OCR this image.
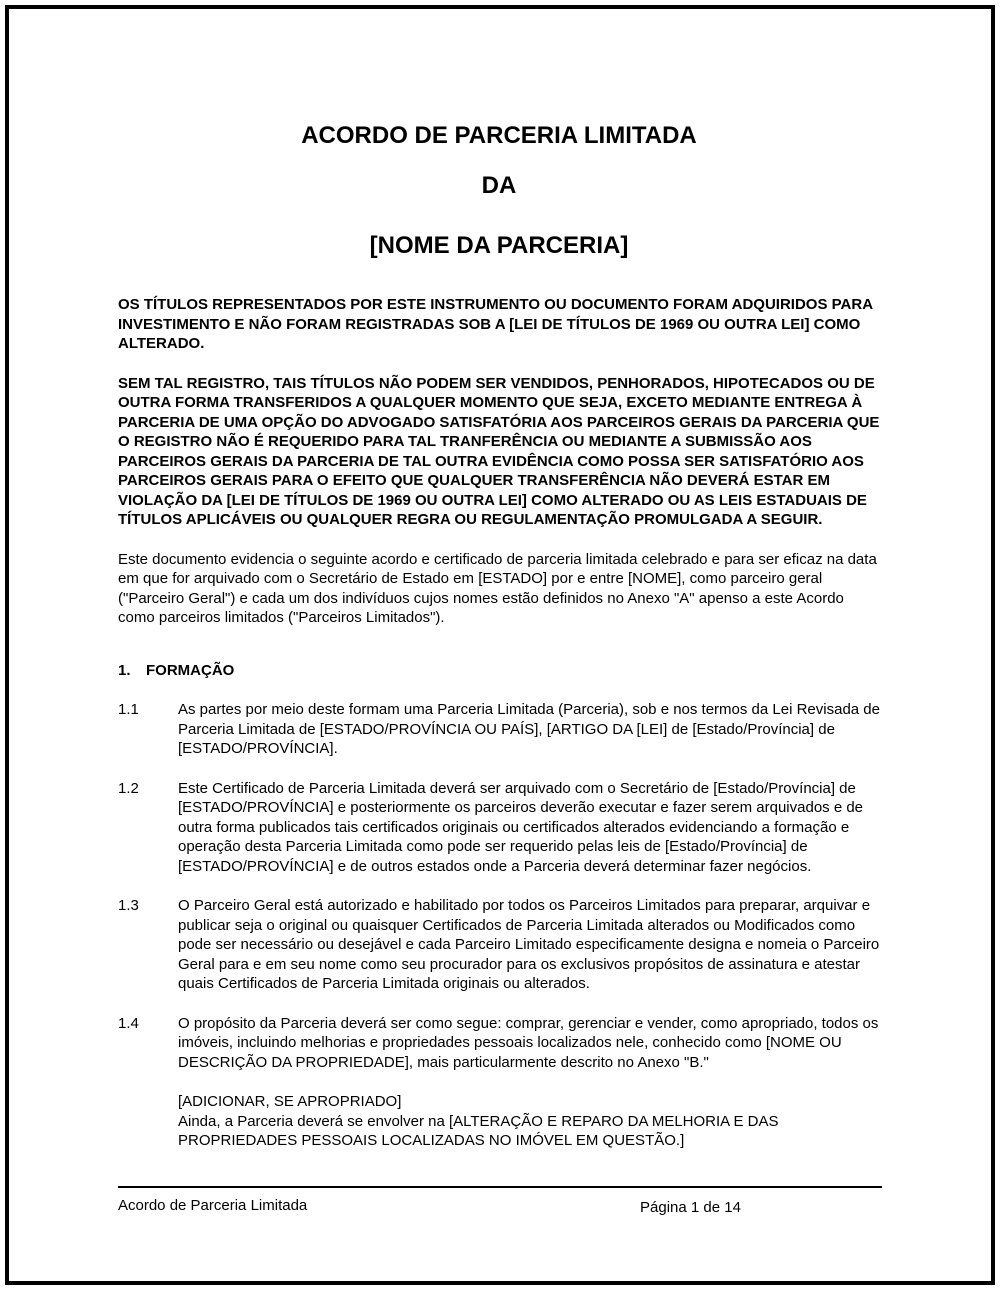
ACORDO DE PARCERIA LIMITADA
DA
[NOME DA PARCERIA]

OS TÍTULOS REPRESENTADOS POR ESTE INSTRUMENTO OU DOCUMENTO FORAM ADQUIRIDOS PARA INVESTIMENTO E NÃO FORAM REGISTRADAS SOB A [LEI DE TÍTULOS DE 1969 OU OUTRA LEI] COMO ALTERADO.

SEM TAL REGISTRO, TAIS TÍTULOS NÃO PODEM SER VENDIDOS, PENHORADOS, HIPOTECADOS OU DE OUTRA FORMA TRANSFERIDOS A QUALQUER MOMENTO QUE SEJA, EXCETO MEDIANTE ENTREGA À PARCERIA DE UMA OPÇÃO DO ADVOGADO SATISFATÓRIA AOS PARCEIROS GERAIS DA PARCERIA QUE O REGISTRO NÃO É REQUERIDO PARA TAL TRANFERÊNCIA OU MEDIANTE A SUBMISSÃO AOS PARCEIROS GERAIS DA PARCERIA DE TAL OUTRA EVIDÊNCIA COMO POSSA SER SATISFATÓRIO AOS PARCEIROS GERAIS PARA O EFEITO QUE QUALQUER TRANSFERÊNCIA NÃO DEVERÁ ESTAR EM VIOLAÇÃO DA [LEI DE TÍTULOS DE 1969 OU OUTRA LEI] COMO ALTERADO OU AS LEIS ESTADUAIS DE TÍTULOS APLICÁVEIS OU QUALQUER REGRA OU REGULAMENTAÇÃO PROMULGADA A SEGUIR.

Este documento evidencia o seguinte acordo e certificado de parceria limitada celebrado e para ser eficaz na data em que for arquivado com o Secretário de Estado em [ESTADO] por e entre [NOME], como parceiro geral ("Parceiro Geral") e cada um dos indivíduos cujos nomes estão definidos no Anexo "A" apenso a este Acordo como parceiros limitados ("Parceiros Limitados").

1.	FORMAÇÃO
1.1	As partes por meio deste formam uma Parceria Limitada (Parceria), sob e nos termos da Lei Revisada de Parceria Limitada de [ESTADO/PROVÍNCIA OU PAÍS], [ARTIGO DA [LEI] de [Estado/Província] de [ESTADO/PROVÍNCIA].
1.2	Este Certificado de Parceria Limitada deverá ser arquivado com o Secretário de [Estado/Província] de [ESTADO/PROVÍNCIA] e posteriormente os parceiros deverão executar e fazer serem arquivados e de outra forma publicados tais certificados originais ou certificados alterados evidenciando a formação e operação desta Parceria Limitada como pode ser requerido pelas leis de [Estado/Província] de [ESTADO/PROVÍNCIA] e de outros estados onde a Parceria deverá determinar fazer negócios.
1.3	O Parceiro Geral está autorizado e habilitado por todos os Parceiros Limitados para preparar, arquivar e publicar seja o original ou quaisquer Certificados de Parceria Limitada alterados ou Modificados como pode ser necessário ou desejável e cada Parceiro Limitado especificamente designa e nomeia o Parceiro Geral para e em seu nome como seu procurador para os exclusivos propósitos de assinatura e atestar quais Certificados de Parceria Limitada originais ou alterados.
1.4	O propósito da Parceria deverá ser como segue: comprar, gerenciar e vender, como apropriado, todos os imóveis, incluindo melhorias e propriedades pessoais localizados nele, conhecido como [NOME OU DESCRIÇÃO DA PROPRIEDADE], mais particularmente descrito no Anexo "B."

[ADICIONAR, SE APROPRIADO]

Ainda, a Parceria deverá se envolver na [ALTERAÇÃO E REPARO DA MELHORIA E DAS PROPRIEDADES PESSOAIS LOCALIZADAS NO IMÓVEL EM QUESTÃO.]

Acordo de Parceria Limitada	Página 1 de 14
